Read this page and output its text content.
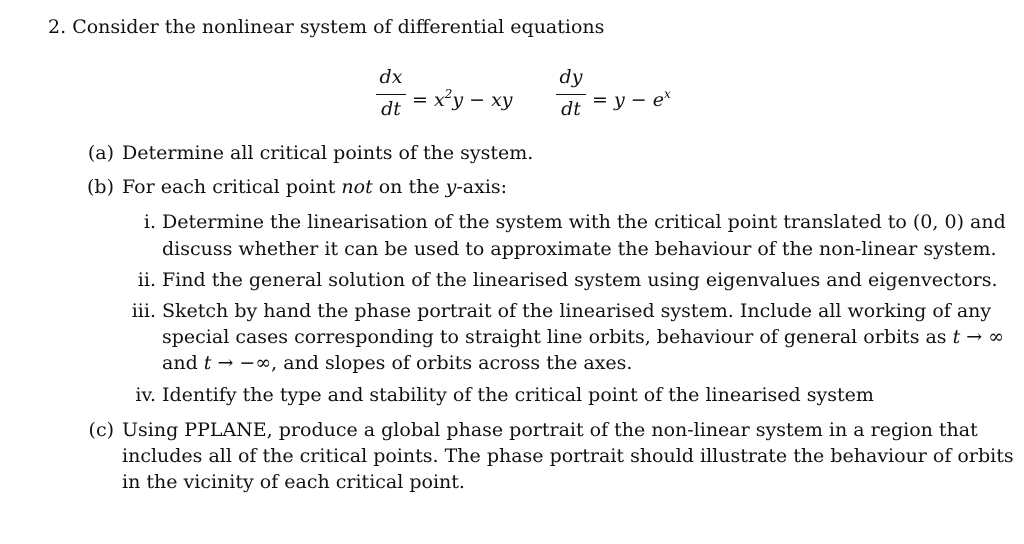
2. Consider the nonlinear system of differential equations
dx
dt = $x^2y$ − xy
dy
dt = $y - e^x$
(a) Determine all critical points of the system.
(b) For each critical point not on the y-axis:
i. Determine the linearisation of the system with the critical point translated to (0, 0) and
discuss whether it can be used to approximate the behaviour of the non-linear system.
ii. Find the general solution of the linearised system using eigenvalues and eigenvectors.
iii. Sketch by hand the phase portrait of the linearised system. Include all working of any
special cases corresponding to straight line orbits, behaviour of general orbits as t → ∞
and t → −∞, and slopes of orbits across the axes.
iv. Identify the type and stability of the critical point of the linearised system
(c) Using PPLANE, produce a global phase portrait of the non-linear system in a region that
includes all of the critical points. The phase portrait should illustrate the behaviour of orbits
in the vicinity of each critical point.
